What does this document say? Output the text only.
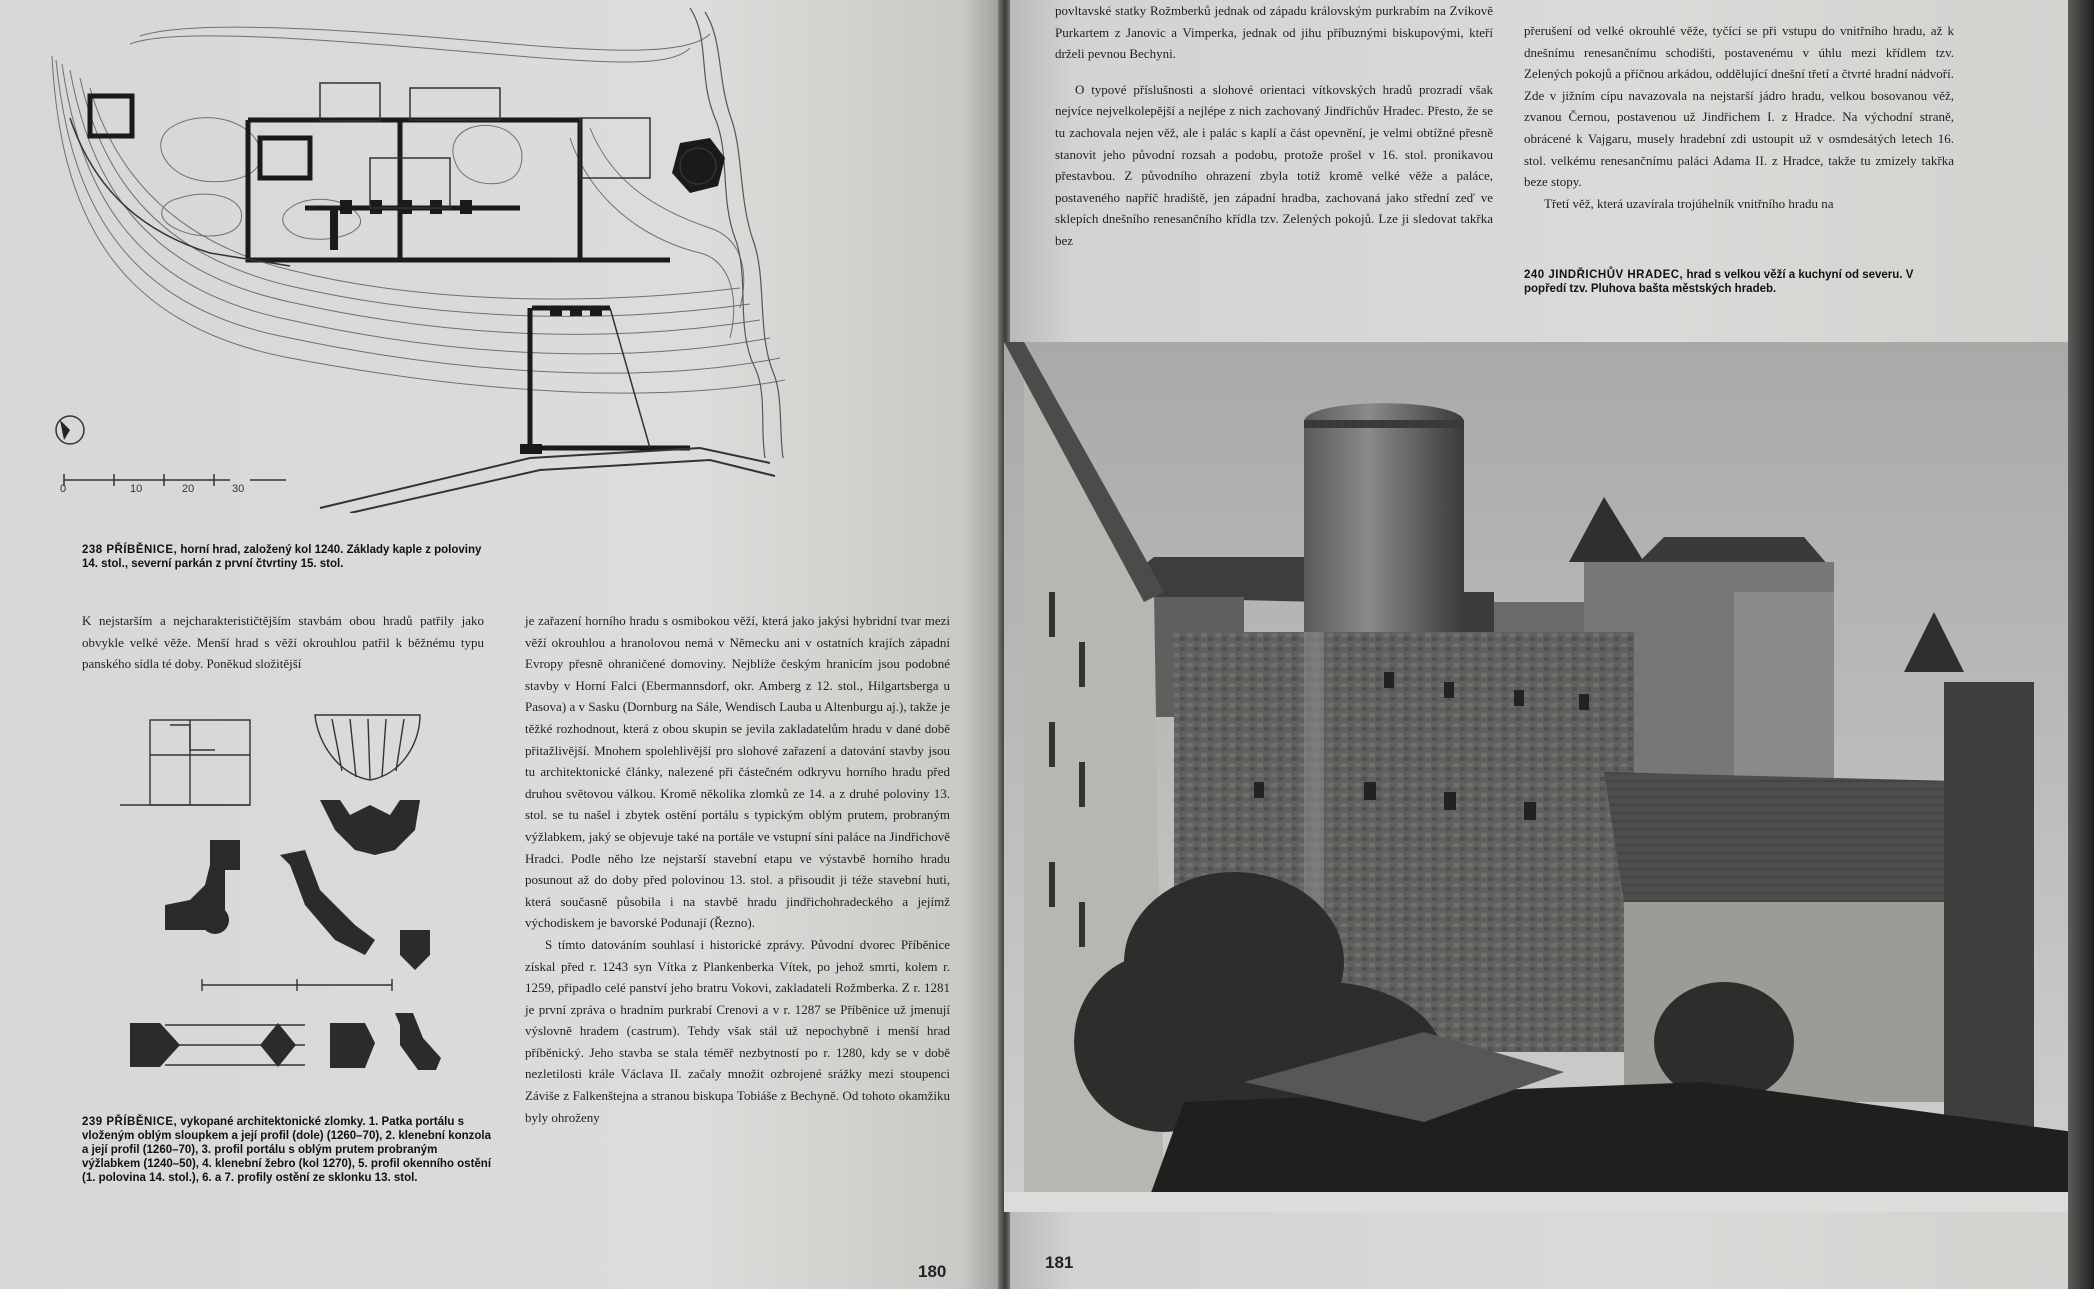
0	10	20	30
238 PŘÍBĚNICE, horní hrad, založený kol 1240. Základy kaple z poloviny 14. stol., severní parkán z první čtvrtiny 15. stol.
K nejstarším a nejcharakterističtějším stavbám obou hradů patřily jako obvykle velké věže. Menší hrad s věží okrouhlou patřil k běžnému typu panského sídla té doby. Poněkud složitější
239 PŘÍBĚNICE, vykopané architektonické zlomky. 1. Patka portálu s vloženým oblým sloupkem a její profil (dole) (1260–70), 2. klenební konzola a její profil (1260–70), 3. profil portálu s oblým prutem probraným výžlabkem (1240–50), 4. klenební žebro (kol 1270), 5. profil okenního ostění (1. polovina 14. stol.), 6. a 7. profily ostění ze sklonku 13. stol.
je zařazení horního hradu s osmibokou věží, která jako jakýsi hybridní tvar mezi věží okrouhlou a hranolovou nemá v Německu ani v ostatních krajích západní Evropy přesně ohraničené domoviny. Nejblíže českým hranicím jsou podobné stavby v Horní Falci (Ebermannsdorf, okr. Amberg z 12. stol., Hilgartsberga u Pasova) a v Sasku (Dornburg na Sále, Wendisch Lauba u Altenburgu aj.), takže je těžké rozhodnout, která z obou skupin se jevila zakladatelům hradu v dané době přitažlivější. Mnohem spolehlivější pro slohové zařazení a datování stavby jsou tu architektonické články, nalezené při částečném odkryvu horního hradu před druhou světovou válkou. Kromě několika zlomků ze 14. a z druhé poloviny 13. stol. se tu našel i zbytek ostění portálu s typickým oblým prutem, probraným výžlabkem, jaký se objevuje také na portále ve vstupní síni paláce na Jindřichově Hradci. Podle něho lze nejstarší stavební etapu ve výstavbě horního hradu posunout až do doby před polovinou 13. stol. a přisoudit ji téže stavební huti, která současně působila i na stavbě hradu jindřichohradeckého a jejímž východiskem je bavorské Podunají (Řezno).
S tímto datováním souhlasí i historické zprávy. Původní dvorec Příběnice získal před r. 1243 syn Vítka z Plankenberka Vítek, po jehož smrti, kolem r. 1259, připadlo celé panství jeho bratru Vokovi, zakladateli Rožmberka. Z r. 1281 je první zpráva o hradním purkrabí Crenovi a v r. 1287 se Příběnice už jmenují výslovně hradem (castrum). Tehdy však stál už nepochybně i menší hrad příběnický. Jeho stavba se stala téměř nezbytností po r. 1280, kdy se v době nezletilosti krále Václava II. začaly množit ozbrojené srážky mezi stoupenci Záviše z Falkenštejna a stranou biskupa Tobiáše z Bechyně. Od tohoto okamžiku byly ohroženy
180
povltavské statky Rožmberků jednak od západu královským purkrabím na Zvíkově Purkartem z Janovic a Vimperka, jednak od jihu příbuznými biskupovými, kteří drželi pevnou Bechyni.
O typové příslušnosti a slohové orientaci vítkovských hradů prozradí však nejvíce nejvelkolepější a nejlépe z nich zachovaný Jindřichův Hradec. Přesto, že se tu zachovala nejen věž, ale i palác s kaplí a část opevnění, je velmi obtížné přesně stanovit jeho původní rozsah a podobu, protože prošel v 16. stol. pronikavou přestavbou. Z původního ohrazení zbyla totiž kromě velké věže a paláce, postaveného napříč hradiště, jen západní hradba, zachovaná jako střední zeď ve sklepích dnešního renesančního křídla tzv. Zelených pokojů. Lze ji sledovat takřka bez
přerušení od velké okrouhlé věže, tyčící se při vstupu do vnitřního hradu, až k dnešnímu renesančnímu schodišti, postavenému v úhlu mezi křídlem tzv. Zelených pokojů a příčnou arkádou, oddělující dnešní třetí a čtvrté hradní nádvoří. Zde v jižním cípu navazovala na nejstarší jádro hradu, velkou bosovanou věž, zvanou Černou, postavenou už Jindřichem I. z Hradce. Na východní straně, obrácené k Vajgaru, musely hradební zdi ustoupit už v osmdesátých letech 16. stol. velkému renesančnímu paláci Adama II. z Hradce, takže tu zmizely takřka beze stopy.
Třetí věž, která uzavírala trojúhelník vnitřního hradu na
240 JINDŘICHŮV HRADEC, hrad s velkou věží a kuchyní od severu. V popředí tzv. Pluhova bašta městských hradeb.
181
